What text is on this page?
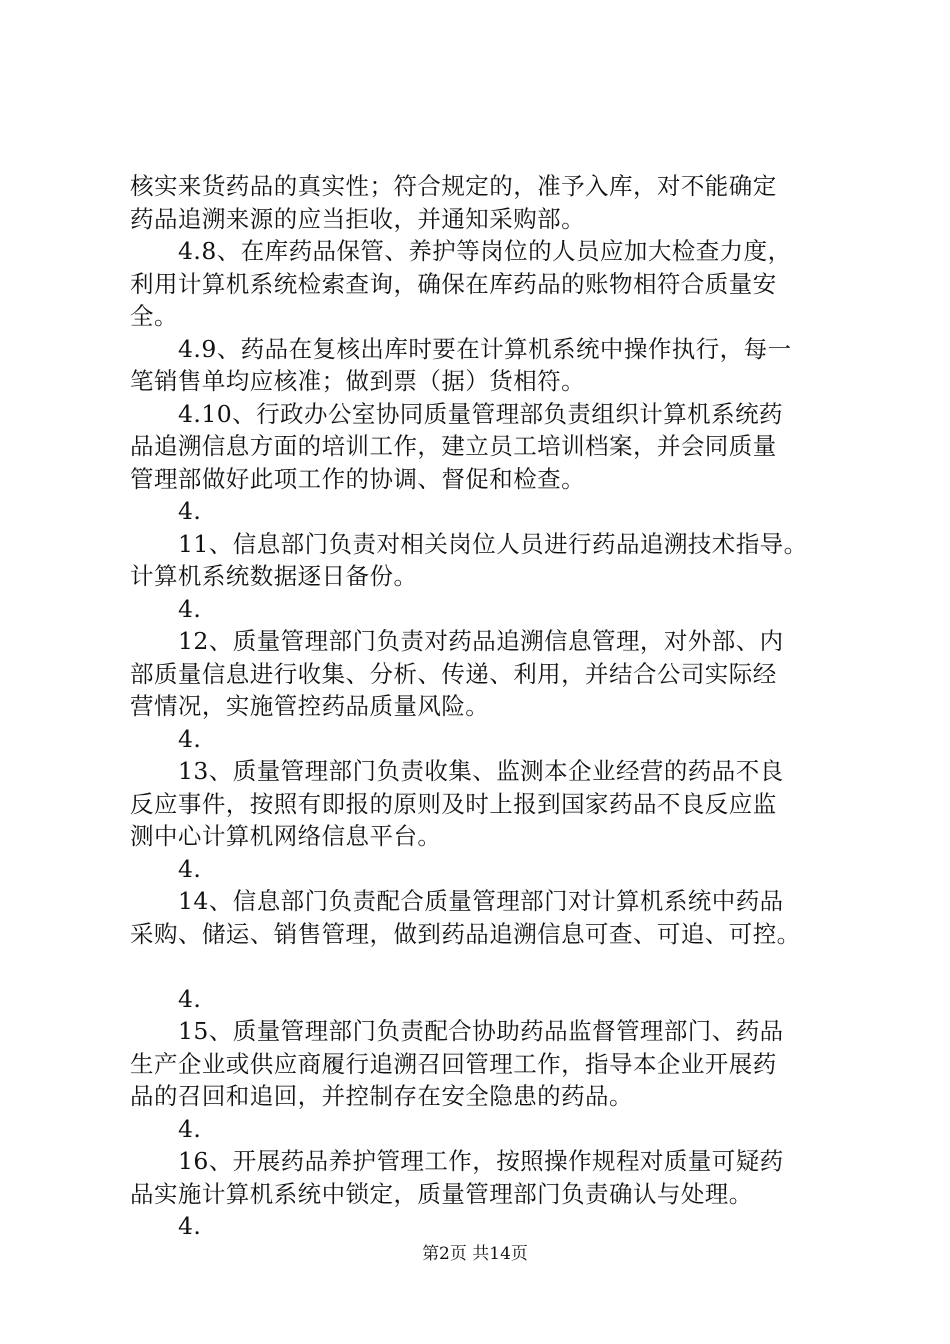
核实来货药品的真实性；符合规定的，准予入库，对不能确定
药品追溯来源的应当拒收，并通知采购部。
4.8、在库药品保管、养护等岗位的人员应加大检查力度，
利用计算机系统检索查询，确保在库药品的账物相符合质量安
全。
4.9、药品在复核出库时要在计算机系统中操作执行，每一
笔销售单均应核准；做到票（据）货相符。
4.10、行政办公室协同质量管理部负责组织计算机系统药
品追溯信息方面的培训工作，建立员工培训档案，并会同质量
管理部做好此项工作的协调、督促和检查。
4.
11、信息部门负责对相关岗位人员进行药品追溯技术指导。
计算机系统数据逐日备份。
4.
12、质量管理部门负责对药品追溯信息管理，对外部、内
部质量信息进行收集、分析、传递、利用，并结合公司实际经
营情况，实施管控药品质量风险。
4.
13、质量管理部门负责收集、监测本企业经营的药品不良
反应事件，按照有即报的原则及时上报到国家药品不良反应监
测中心计算机网络信息平台。
4.
14、信息部门负责配合质量管理部门对计算机系统中药品
采购、储运、销售管理，做到药品追溯信息可查、可追、可控。
4.
15、质量管理部门负责配合协助药品监督管理部门、药品
生产企业或供应商履行追溯召回管理工作，指导本企业开展药
品的召回和追回，并控制存在安全隐患的药品。
4.
16、开展药品养护管理工作，按照操作规程对质量可疑药
品实施计算机系统中锁定，质量管理部门负责确认与处理。
4.
第2页 共14页
